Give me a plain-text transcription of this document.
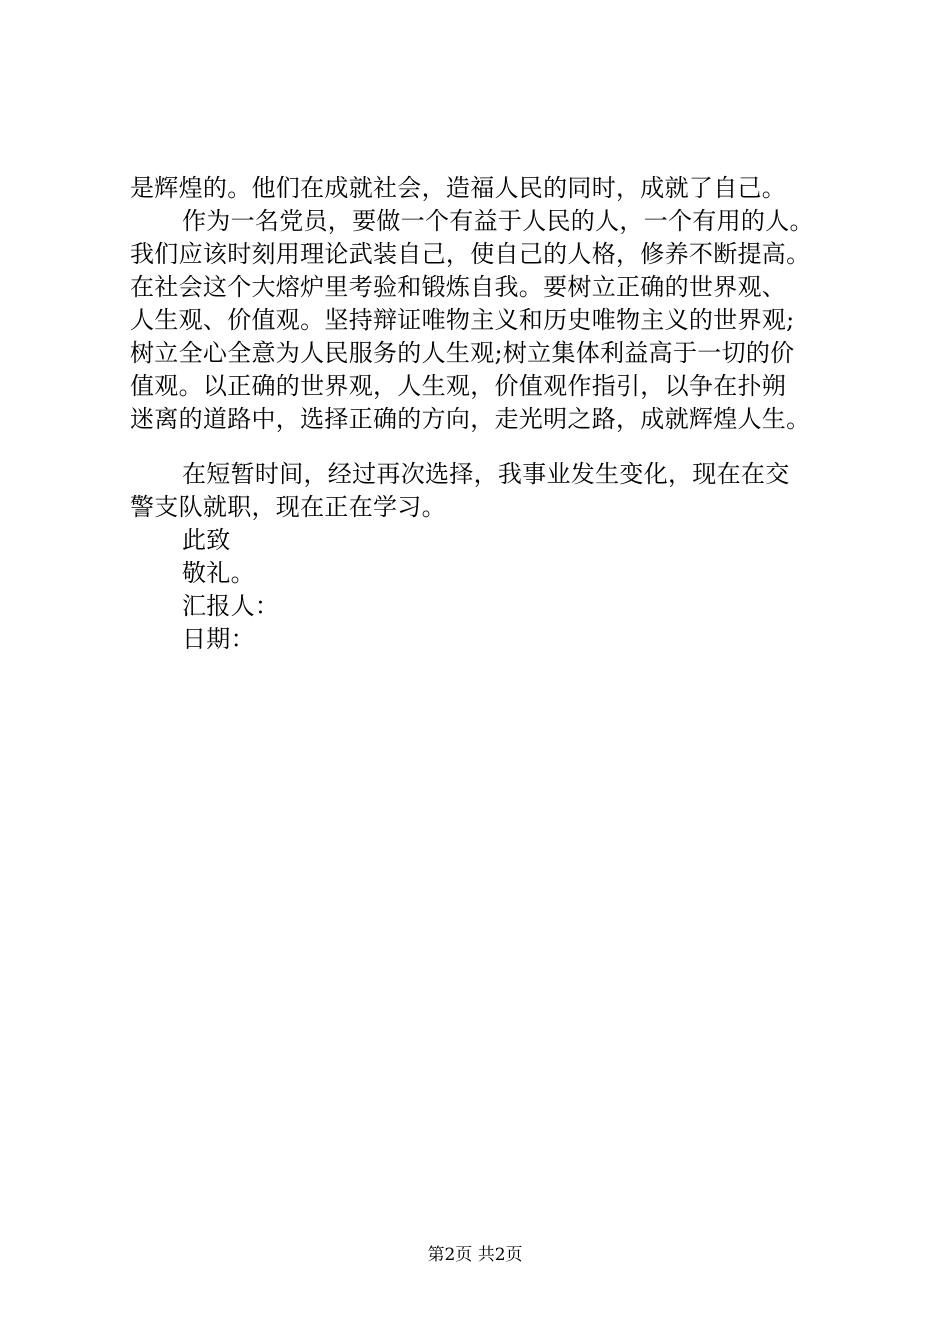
是辉煌的。他们在成就社会，造福人民的同时，成就了自己。
作为一名党员，要做一个有益于人民的人，一个有用的人。
我们应该时刻用理论武装自己，使自己的人格，修养不断提高。
在社会这个大熔炉里考验和锻炼自我。要树立正确的世界观、
人生观、价值观。坚持辩证唯物主义和历史唯物主义的世界观;
树立全心全意为人民服务的人生观;树立集体利益高于一切的价
值观。以正确的世界观，人生观，价值观作指引，以争在扑朔
迷离的道路中，选择正确的方向，走光明之路，成就辉煌人生。
在短暂时间，经过再次选择，我事业发生变化，现在在交
警支队就职，现在正在学习。
此致
敬礼。
汇报人：
日期：
第2页 共2页
